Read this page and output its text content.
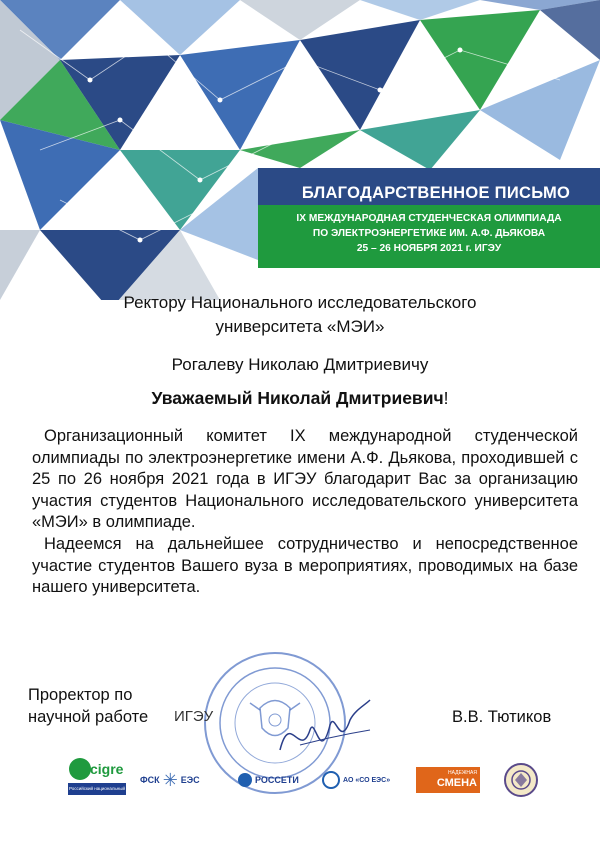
БЛАГОДАРСТВЕННОЕ ПИСЬМО
IX МЕЖДУНАРОДНАЯ СТУДЕНЧЕСКАЯ ОЛИМПИАДА
ПО ЭЛЕКТРОЭНЕРГЕТИКЕ ИМ. А.Ф. ДЬЯКОВА
25 – 26 НОЯБРЯ 2021 г. ИГЭУ
Ректору Национального исследовательского
университета «МЭИ»
Рогалеву Николаю Дмитриевичу
Уважаемый Николай Дмитриевич!

Организационный комитет IX международной студенческой олимпиады по электроэнергетике имени А.Ф. Дьякова, проходившей с 25 по 26 ноября 2021 года в ИГЭУ благодарит Вас за организацию участия студентов Национального исследовательского университета «МЭИ» в олимпиаде.

Надеемся на дальнейшее сотрудничество и непосредственное участие студентов Вашего вуза в мероприятиях, проводимых на базе нашего университета.

Проректор по
научной работе ИГЭУ	В.В. Тютиков
cigre
Российский национальный комитет
ФСК ✳ ЕЭС	РОССЕТИ	АО «СО ЕЭС»
НАДЕЖНАЯ
СМЕНА
